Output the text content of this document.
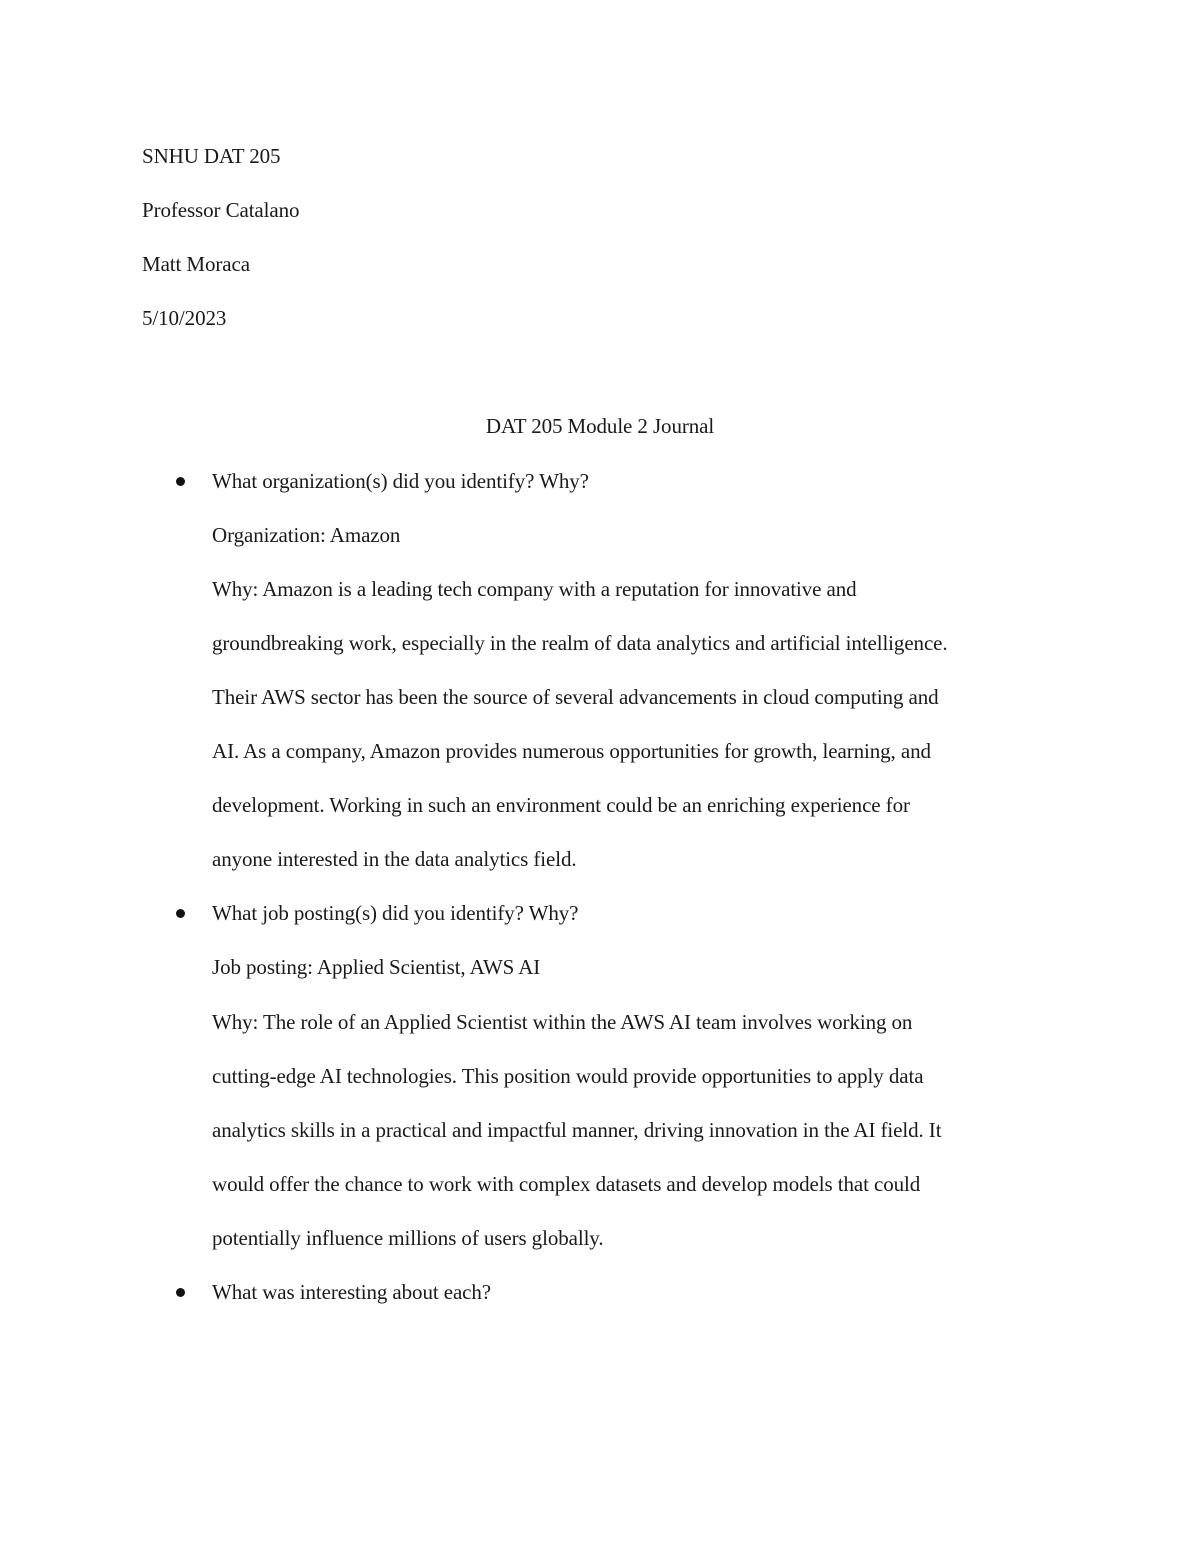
SNHU DAT 205
Professor Catalano
Matt Moraca
5/10/2023
DAT 205 Module 2 Journal
What organization(s) did you identify? Why?
Organization: Amazon
Why: Amazon is a leading tech company with a reputation for innovative and
groundbreaking work, especially in the realm of data analytics and artificial intelligence.
Their AWS sector has been the source of several advancements in cloud computing and
AI. As a company, Amazon provides numerous opportunities for growth, learning, and
development. Working in such an environment could be an enriching experience for
anyone interested in the data analytics field.
What job posting(s) did you identify? Why?
Job posting: Applied Scientist, AWS AI
Why: The role of an Applied Scientist within the AWS AI team involves working on
cutting-edge AI technologies. This position would provide opportunities to apply data
analytics skills in a practical and impactful manner, driving innovation in the AI field. It
would offer the chance to work with complex datasets and develop models that could
potentially influence millions of users globally.
What was interesting about each?
